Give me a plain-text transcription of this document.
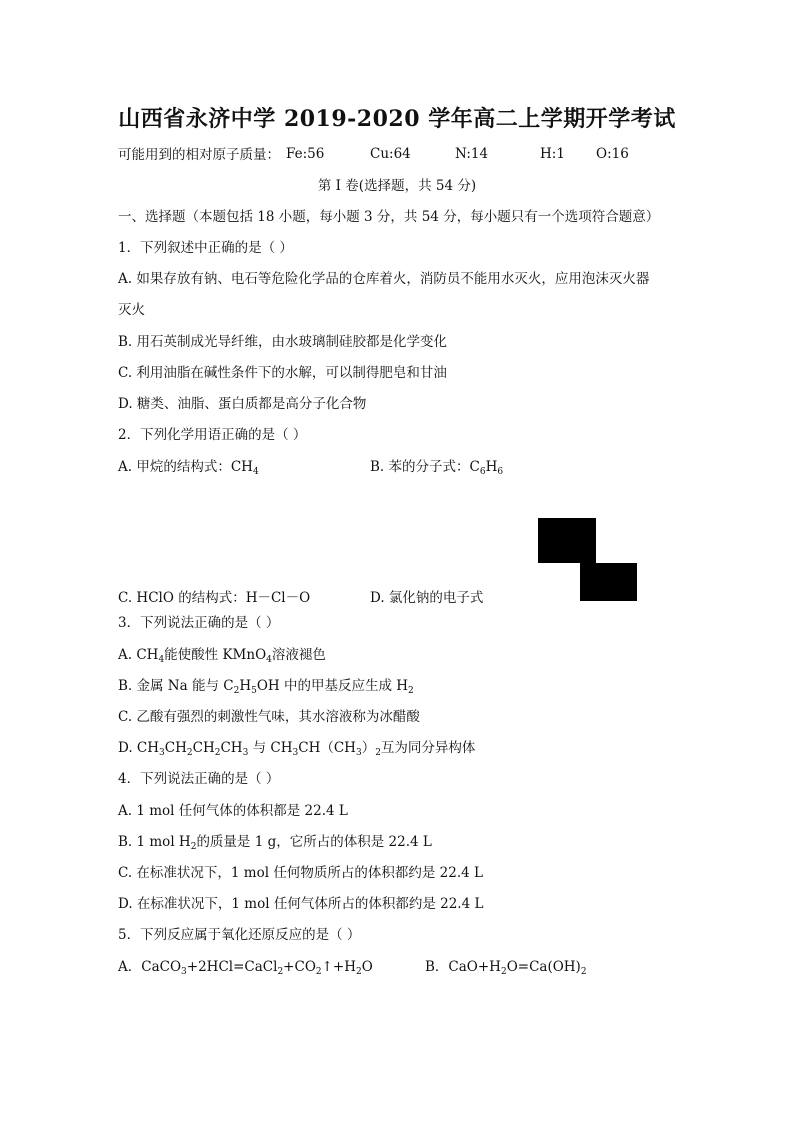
山西省永济中学 2019-2020 学年高二上学期开学考试
可能用到的相对原子质量： Fe:56	Cu:64	N:14	H:1 O:16
第 I 卷(选择题，共 54 分)
一、选择题（本题包括 18 小题，每小题 3 分，共 54 分，每小题只有一个选项符合题意）
1．下列叙述中正确的是（ ）
A. 如果存放有钠、电石等危险化学品的仓库着火，消防员不能用水灭火，应用泡沫灭火器
灭火
B. 用石英制成光导纤维，由水玻璃制硅胶都是化学变化
C. 利用油脂在碱性条件下的水解，可以制得肥皂和甘油
D. 糖类、油脂、蛋白质都是高分子化合物
2．下列化学用语正确的是（ ）
A. 甲烷的结构式：$CH_4$	B. 苯的分子式：$C_6H_6$
C. HClO 的结构式：H－Cl－O	D. 氯化钠的电子式
3．下列说法正确的是（ ）
A. $CH_4$能使酸性 KMnO$_4$溶液褪色
B. 金属 Na 能与 $C_2H_5OH$ 中的甲基反应生成 $H_2$
C. 乙酸有强烈的刺激性气味，其水溶液称为冰醋酸
D. $CH_3CH_2CH_2CH_3$ 与 $CH_3CH(CH_3)_2$互为同分异构体
4．下列说法正确的是（ ）
A. 1 mol 任何气体的体积都是 22.4 L
B. 1 mol $H_2$的质量是 1 g，它所占的体积是 22.4 L
C. 在标准状况下，1 mol 任何物质所占的体积都约是 22.4 L
D. 在标准状况下，1 mol 任何气体所占的体积都约是 22.4 L
5．下列反应属于氧化还原反应的是（ ）
A．$CaCO_3+2HCl=CaCl_2+CO_2↑+H_2O$	B．$CaO+H_2O=Ca(OH)_2$
